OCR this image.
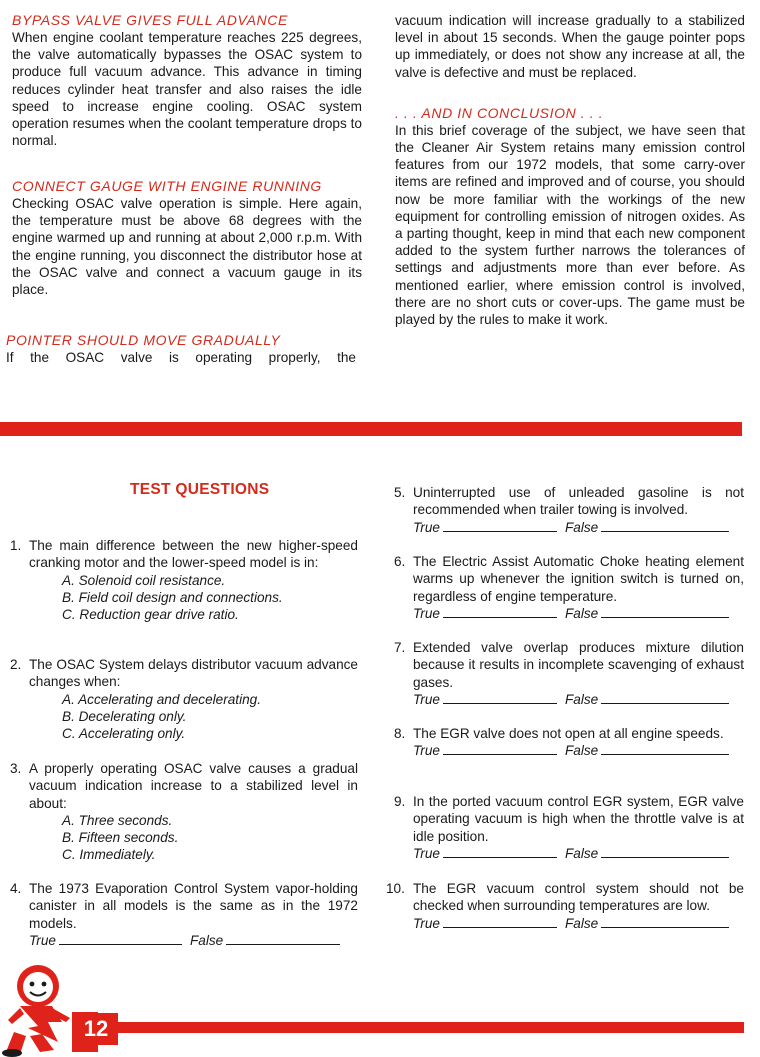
BYPASS VALVE GIVES FULL ADVANCE

When engine coolant temperature reaches 225 degrees, the valve automatically bypasses the OSAC system to produce full vacuum advance. This advance in timing reduces cylinder heat transfer and also raises the idle speed to increase engine cooling. OSAC system operation resumes when the coolant temperature drops to normal.

CONNECT GAUGE WITH ENGINE RUNNING

Checking OSAC valve operation is simple. Here again, the temperature must be above 68 degrees with the engine warmed up and running at about 2,000 r.p.m. With the engine running, you disconnect the distributor hose at the OSAC valve and connect a vacuum gauge in its place.

POINTER SHOULD MOVE GRADUALLY

If the OSAC valve is operating properly, the

vacuum indication will increase gradually to a stabilized level in about 15 seconds. When the gauge pointer pops up immediately, or does not show any increase at all, the valve is defective and must be replaced.

. . . AND IN CONCLUSION . . .

In this brief coverage of the subject, we have seen that the Cleaner Air System retains many emission control features from our 1972 models, that some carry-over items are refined and improved and of course, you should now be more familiar with the workings of the new equipment for controlling emission of nitrogen oxides. As a parting thought, keep in mind that each new component added to the system further narrows the tolerances of settings and adjustments more than ever before. As mentioned earlier, where emission control is involved, there are no short cuts or cover-ups. The game must be played by the rules to make it work.

TEST QUESTIONS
1. The main difference between the new higher-speed cranking motor and the lower-speed model is in:
A. Solenoid coil resistance.
B. Field coil design and connections.
C. Reduction gear drive ratio.
2. The OSAC System delays distributor vacuum advance changes when:
A. Accelerating and decelerating.
B. Decelerating only.
C. Accelerating only.
3. A properly operating OSAC valve causes a gradual vacuum indication increase to a stabilized level in about:
A. Three seconds.
B. Fifteen seconds.
C. Immediately.
4. The 1973 Evaporation Control System vapor-holding canister in all models is the same as in the 1972 models.
True	False
5. Uninterrupted use of unleaded gasoline is not recommended when trailer towing is involved.
True	False
6. The Electric Assist Automatic Choke heating element warms up whenever the ignition switch is turned on, regardless of engine temperature.
True	False
7. Extended valve overlap produces mixture dilution because it results in incomplete scavenging of exhaust gases.
True	False
8. The EGR valve does not open at all engine speeds.
True	False
9. In the ported vacuum control EGR system, EGR valve operating vacuum is high when the throttle valve is at idle position.
True	False
10. The EGR vacuum control system should not be checked when surrounding temperatures are low.
True	False
12
